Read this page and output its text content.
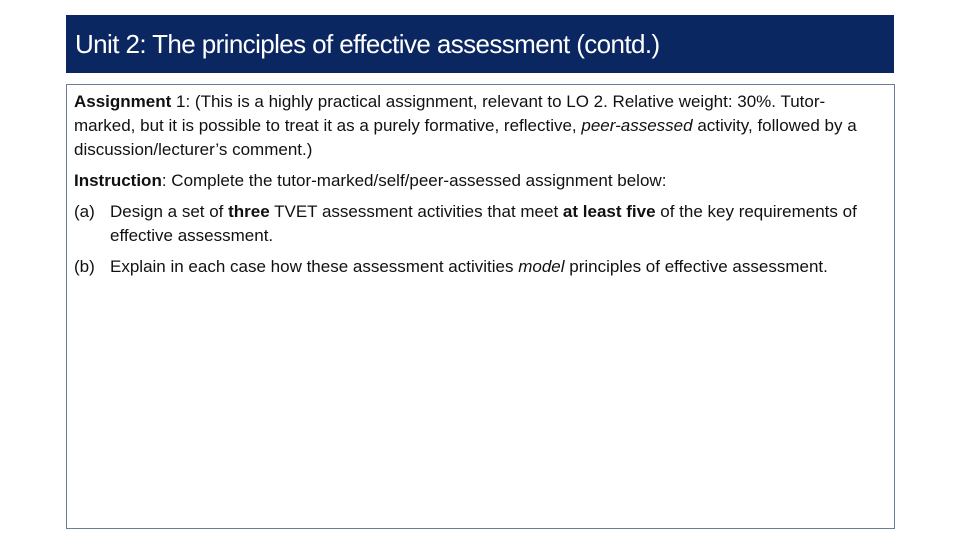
Unit 2: The principles of effective assessment (contd.)

Assignment 1: (This is a highly practical assignment, relevant to LO 2. Relative weight: 30%. Tutor-marked, but it is possible to treat it as a purely formative, reflective, peer-assessed activity, followed by a discussion/lecturer’s comment.)

Instruction: Complete the tutor-marked/self/peer-assessed assignment below:

(a) Design a set of three TVET assessment activities that meet at least five of the key requirements of effective assessment.
(b) Explain in each case how these assessment activities model principles of effective assessment.
